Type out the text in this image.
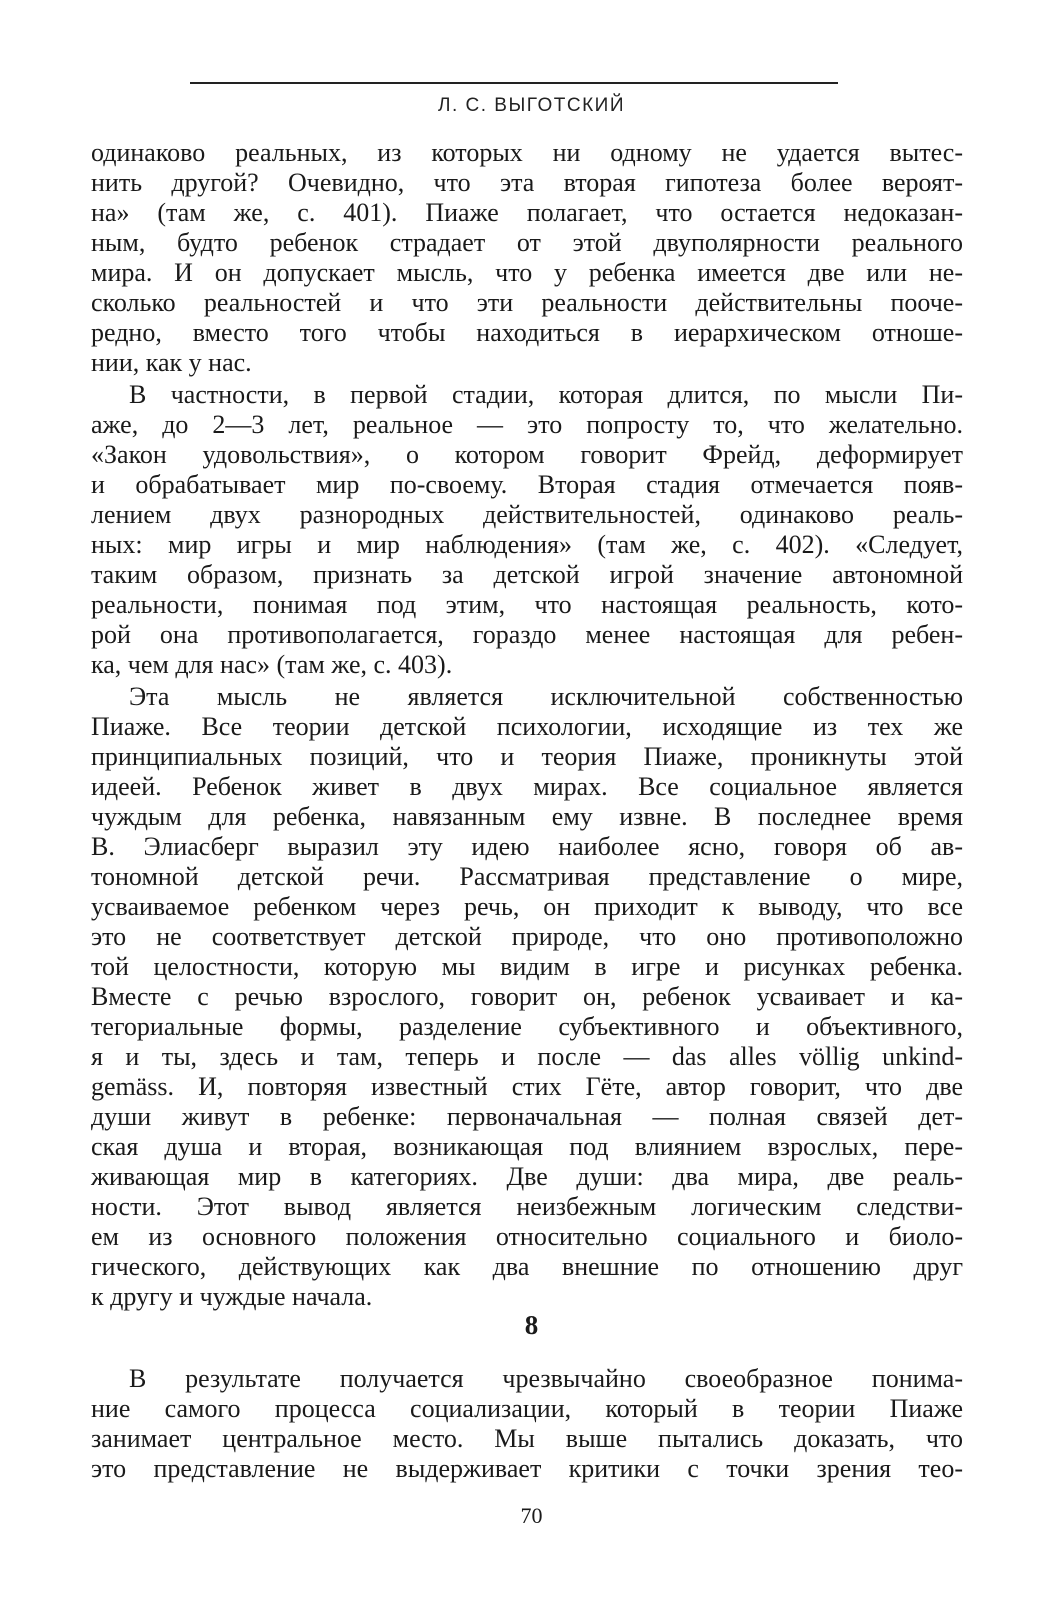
Л. С. ВЫГОТСКИЙ
одинаково реальных, из которых ни одному не удается вытес-
нить другой? Очевидно, что эта вторая гипотеза более вероят-
на» (там же, с. 401). Пиаже полагает, что остается недоказан-
ным, будто ребенок страдает от этой двуполярности реального
мира. И он допускает мысль, что у ребенка имеется две или не-
сколько реальностей и что эти реальности действительны пооче-
редно, вместо того чтобы находиться в иерархическом отноше-
нии, как у нас.
В частности, в первой стадии, которая длится, по мысли Пи-
аже, до 2—3 лет, реальное — это попросту то, что желательно.
«Закон удовольствия», о котором говорит Фрейд, деформирует
и обрабатывает мир по-своему. Вторая стадия отмечается появ-
лением двух разнородных действительностей, одинаково реаль-
ных: мир игры и мир наблюдения» (там же, с. 402). «Следует,
таким образом, признать за детской игрой значение автономной
реальности, понимая под этим, что настоящая реальность, кото-
рой она противополагается, гораздо менее настоящая для ребен-
ка, чем для нас» (там же, с. 403).
Эта мысль не является исключительной собственностью
Пиаже. Все теории детской психологии, исходящие из тех же
принципиальных позиций, что и теория Пиаже, проникнуты этой
идеей. Ребенок живет в двух мирах. Все социальное является
чуждым для ребенка, навязанным ему извне. В последнее время
В. Элиасберг выразил эту идею наиболее ясно, говоря об ав-
тономной детской речи. Рассматривая представление о мире,
усваиваемое ребенком через речь, он приходит к выводу, что все
это не соответствует детской природе, что оно противоположно
той целостности, которую мы видим в игре и рисунках ребенка.
Вместе с речью взрослого, говорит он, ребенок усваивает и ка-
тегориальные формы, разделение субъективного и объективного,
я и ты, здесь и там, теперь и после — das alles völlig unkind-
gemäss. И, повторяя известный стих Гёте, автор говорит, что две
души живут в ребенке: первоначальная — полная связей дет-
ская душа и вторая, возникающая под влиянием взрослых, пере-
живающая мир в категориях. Две души: два мира, две реаль-
ности. Этот вывод является неизбежным логическим следстви-
ем из основного положения относительно социального и биоло-
гического, действующих как два внешние по отношению друг
к другу и чуждые начала.
8
В результате получается чрезвычайно своеобразное понима-
ние самого процесса социализации, который в теории Пиаже
занимает центральное место. Мы выше пытались доказать, что
это представление не выдерживает критики с точки зрения тео-
70
